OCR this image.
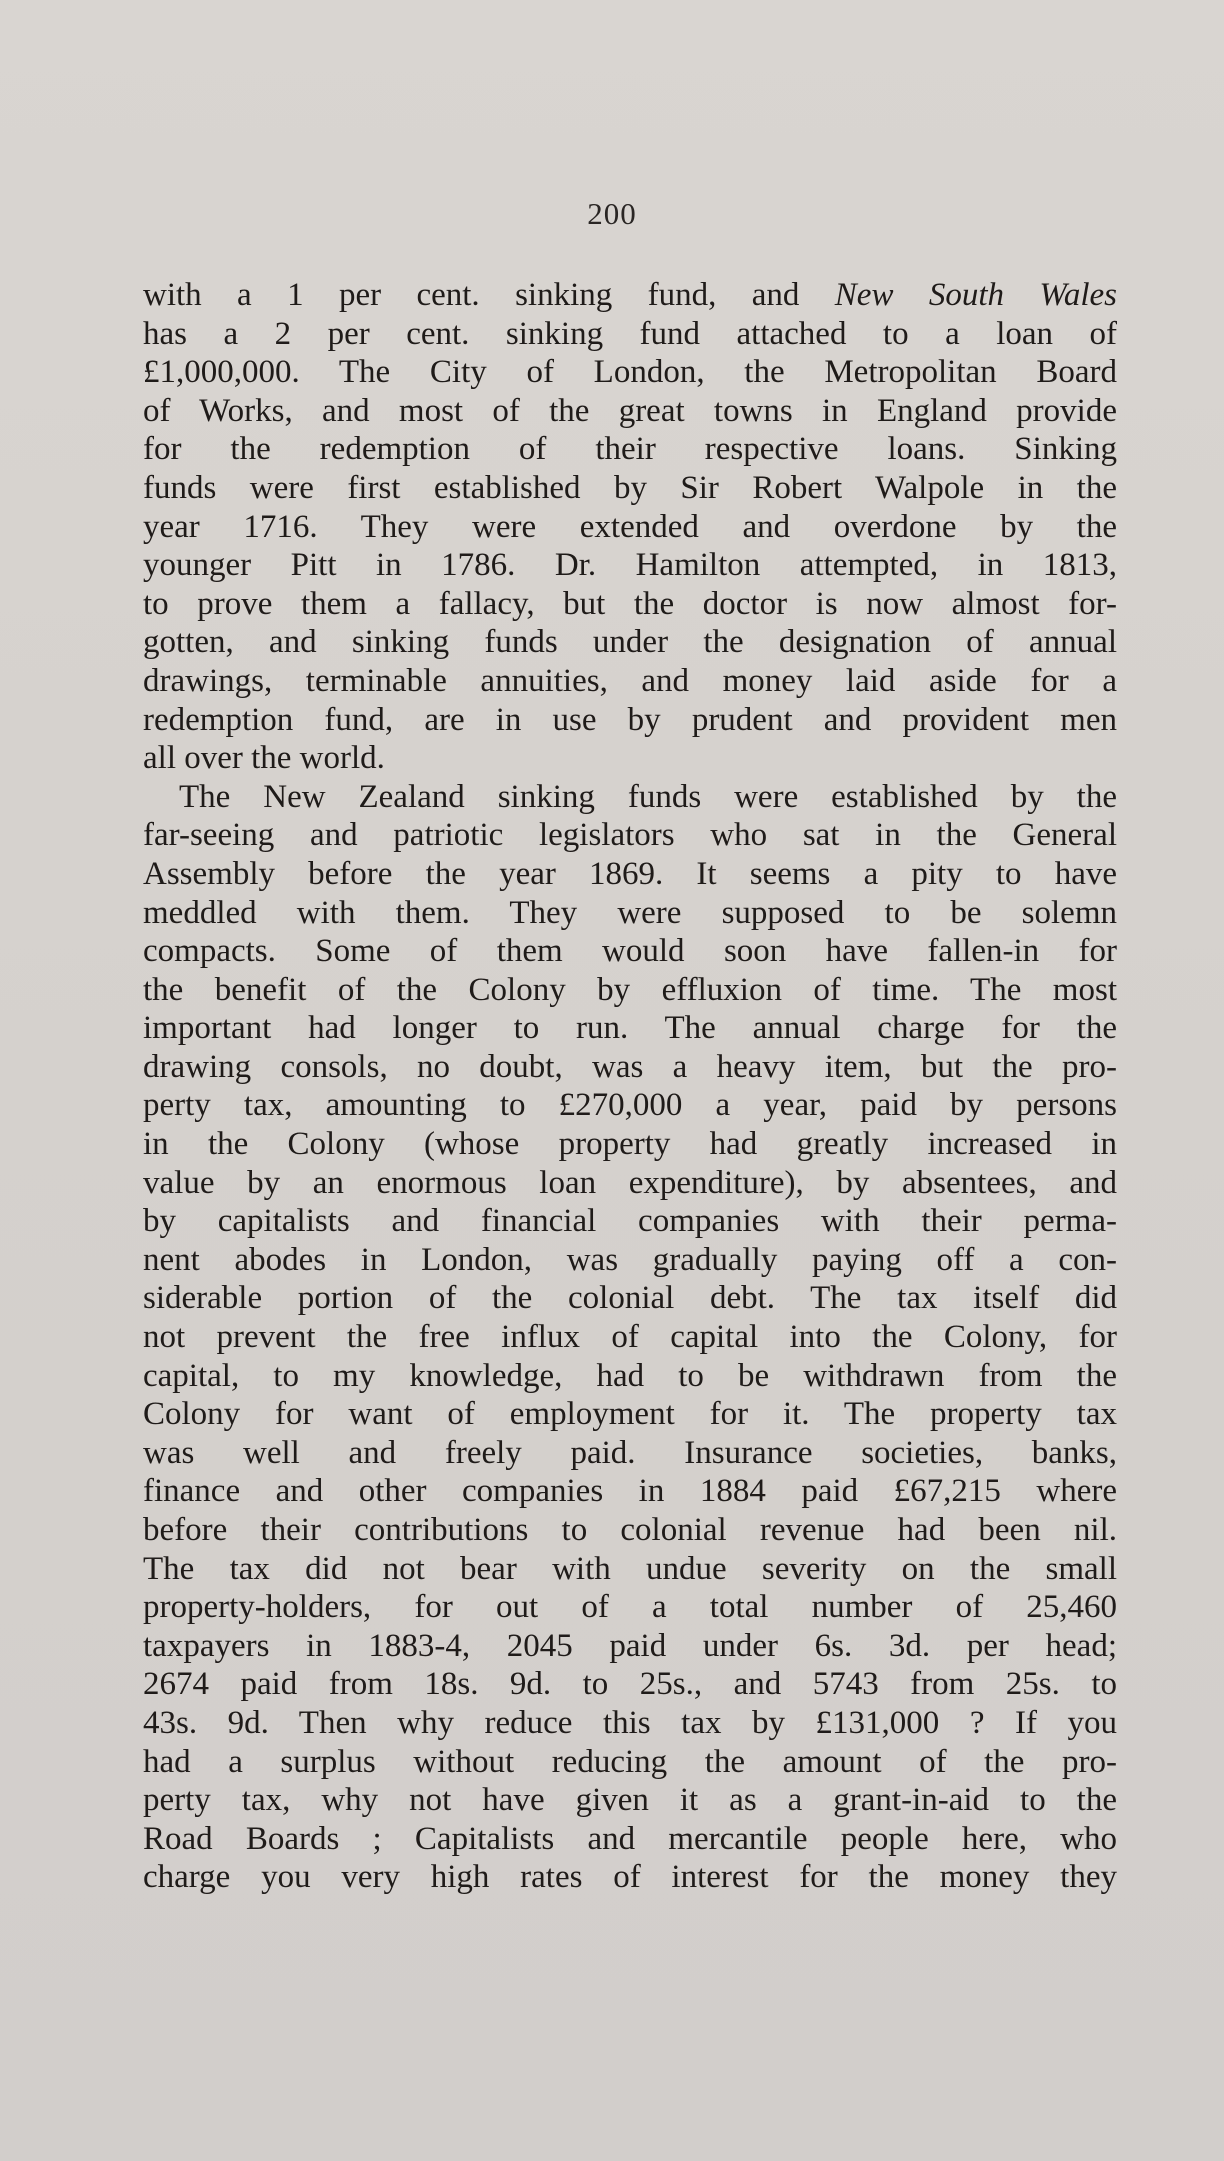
200
with a 1 per cent. sinking fund, and New South Wales
has a 2 per cent. sinking fund attached to a loan of
£1,000,000. The City of London, the Metropolitan Board
of Works, and most of the great towns in England provide
for the redemption of their respective loans. Sinking
funds were first established by Sir Robert Walpole in the
year 1716. They were extended and overdone by the
younger Pitt in 1786. Dr. Hamilton attempted, in 1813,
to prove them a fallacy, but the doctor is now almost for-
gotten, and sinking funds under the designation of annual
drawings, terminable annuities, and money laid aside for a
redemption fund, are in use by prudent and provident men
all over the world.
The New Zealand sinking funds were established by the
far-seeing and patriotic legislators who sat in the General
Assembly before the year 1869. It seems a pity to have
meddled with them. They were supposed to be solemn
compacts. Some of them would soon have fallen-in for
the benefit of the Colony by effluxion of time. The most
important had longer to run. The annual charge for the
drawing consols, no doubt, was a heavy item, but the pro-
perty tax, amounting to £270,000 a year, paid by persons
in the Colony (whose property had greatly increased in
value by an enormous loan expenditure), by absentees, and
by capitalists and financial companies with their perma-
nent abodes in London, was gradually paying off a con-
siderable portion of the colonial debt. The tax itself did
not prevent the free influx of capital into the Colony, for
capital, to my knowledge, had to be withdrawn from the
Colony for want of employment for it. The property tax
was well and freely paid. Insurance societies, banks,
finance and other companies in 1884 paid £67,215 where
before their contributions to colonial revenue had been nil.
The tax did not bear with undue severity on the small
property-holders, for out of a total number of 25,460
taxpayers in 1883-4, 2045 paid under 6s. 3d. per head;
2674 paid from 18s. 9d. to 25s., and 5743 from 25s. to
43s. 9d. Then why reduce this tax by £131,000 ? If you
had a surplus without reducing the amount of the pro-
perty tax, why not have given it as a grant-in-aid to the
Road Boards ; Capitalists and mercantile people here, who
charge you very high rates of interest for the money they
